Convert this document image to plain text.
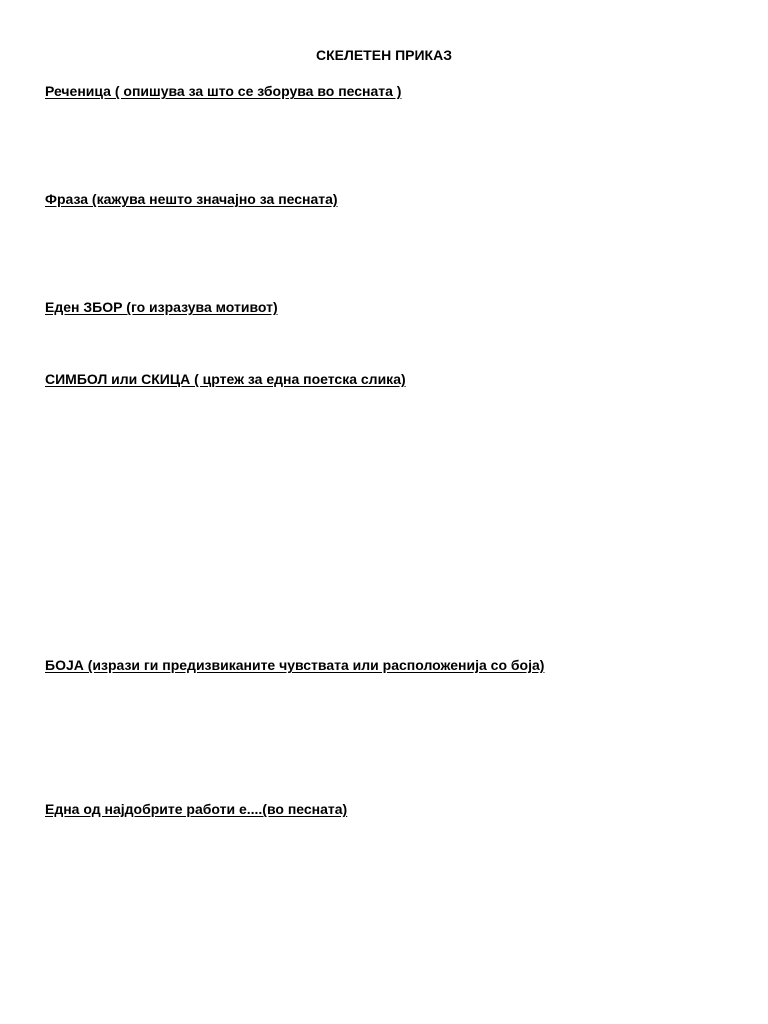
СКЕЛЕТЕН ПРИКАЗ
Реченица ( опишува за што се зборува во песната )
Фраза (кажува нешто значајно за песната)
Еден ЗБОР (го изразува мотивот)
СИМБОЛ или СКИЦА ( цртеж за една поетска слика)
БОЈА (изрази ги предизвиканите чувствата или расположенија со боја)
Една од најдобрите работи е....(во песната)
